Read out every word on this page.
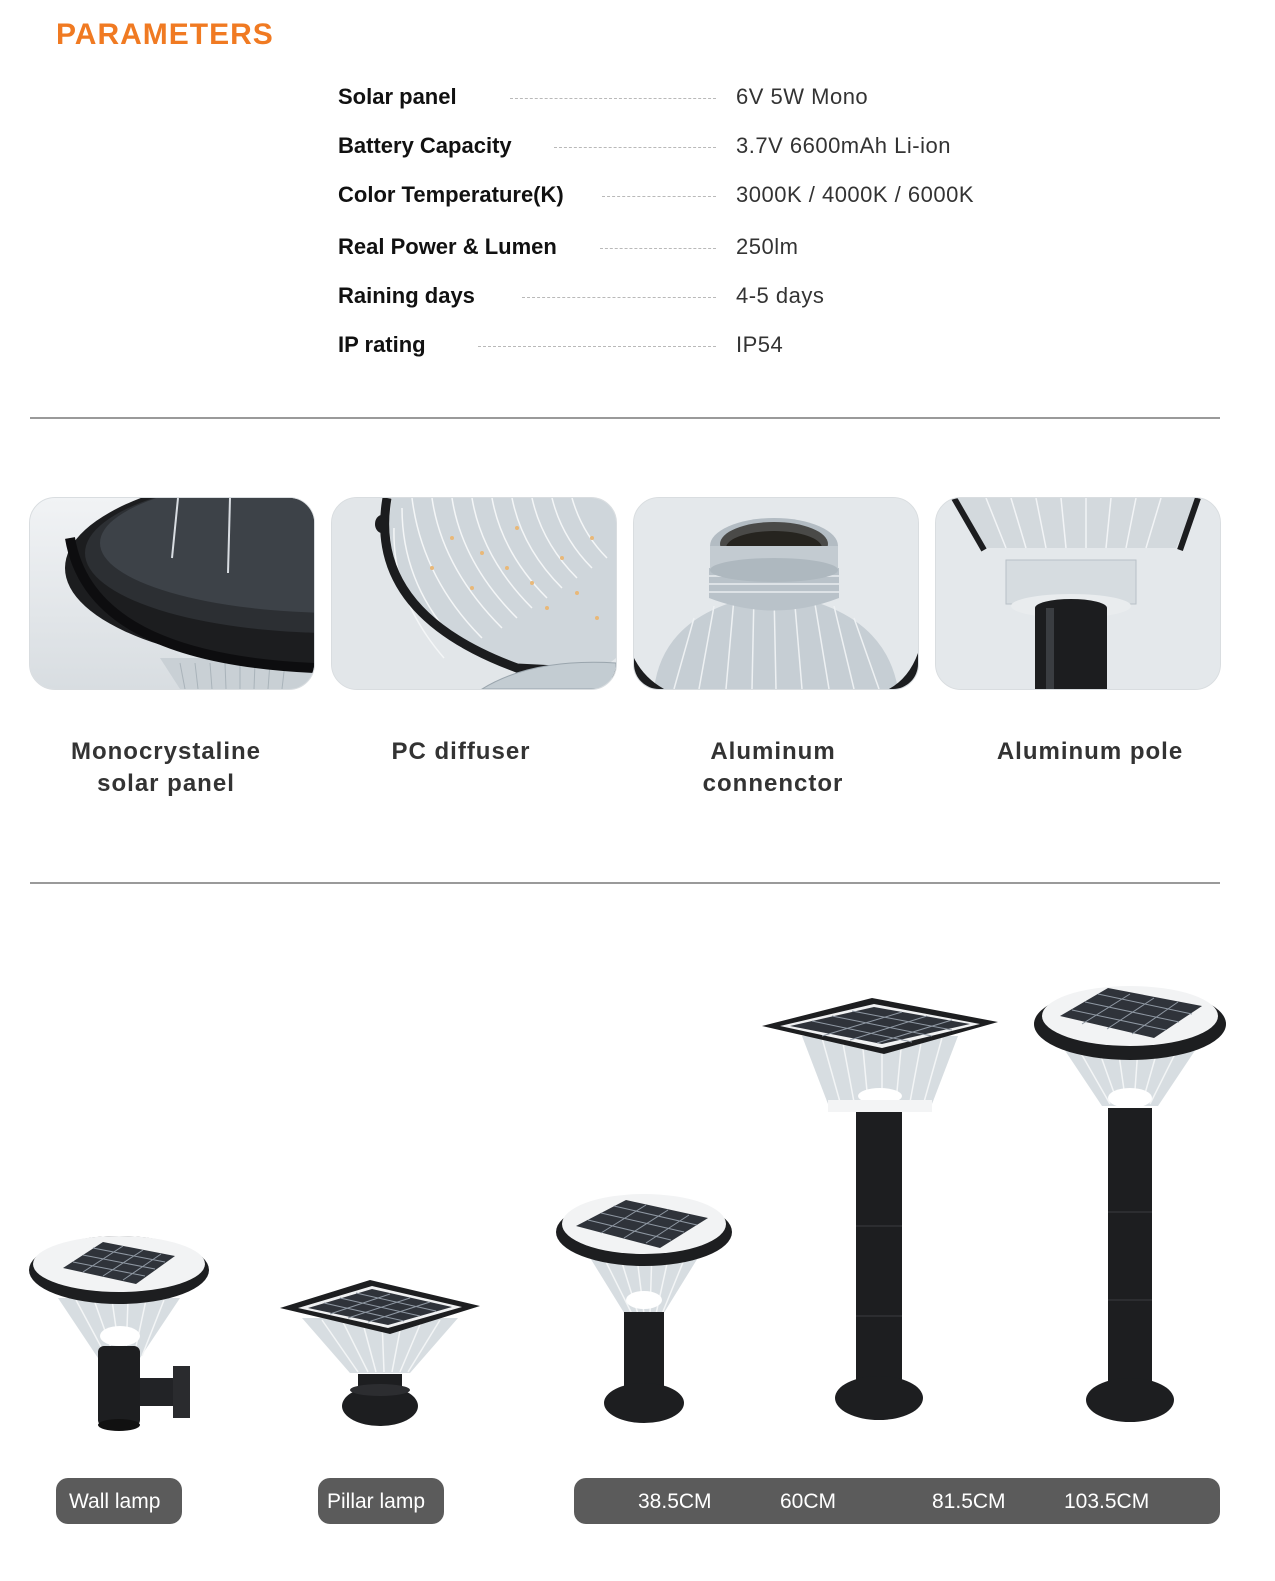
PARAMETERS
Solar panel	6V 5W Mono
Battery Capacity	3.7V 6600mAh Li-ion
Color Temperature(K)	3000K / 4000K / 6000K
Real Power & Lumen	250lm
Raining days	4-5 days
IP rating	IP54
Monocrystaline
solar panel
PC diffuser	Aluminum
connenctor
Aluminum pole
Wall lamp	Pillar lamp	38.5CM	60CM	81.5CM	103.5CM
